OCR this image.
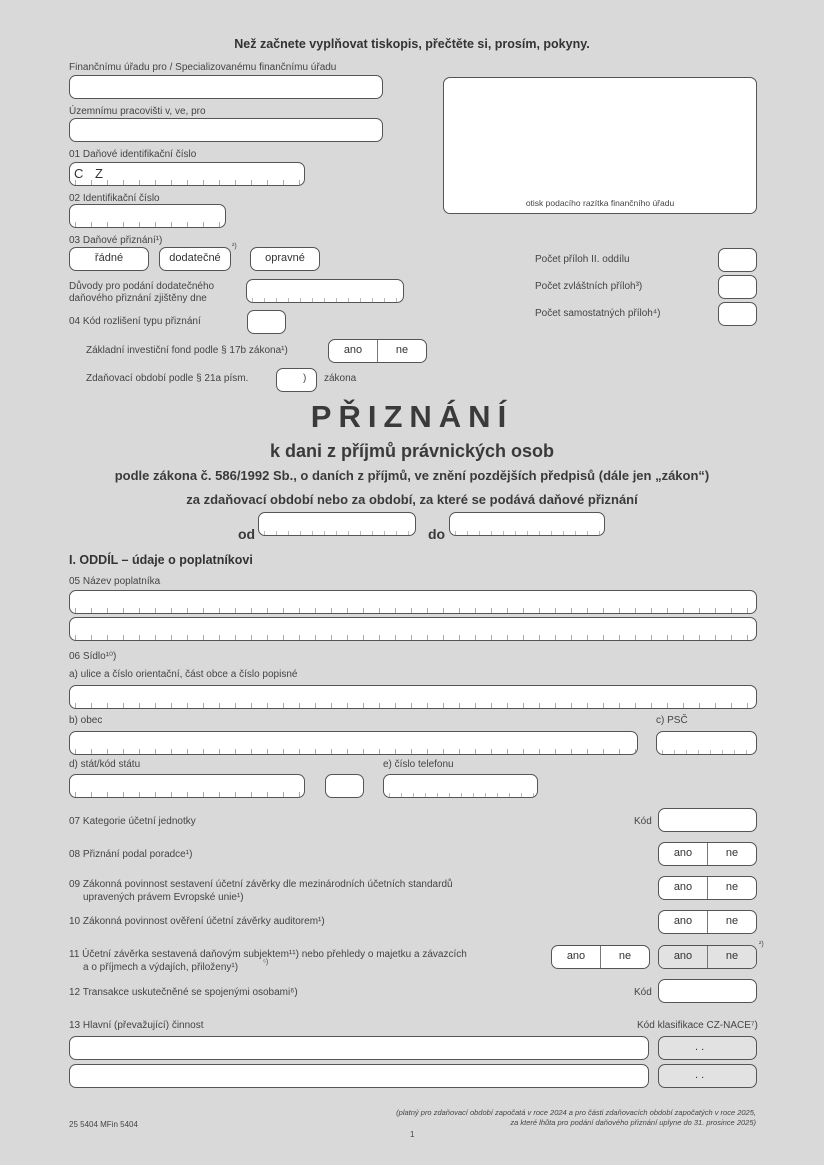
Než začnete vyplňovat tiskopis, přečtěte si, prosím, pokyny.
Finančnímu úřadu pro / Specializovanému finančnímu úřadu
Územnímu pracovišti v, ve, pro
otisk podacího razítka finančního úřadu
01 Daňové identifikační číslo
C Z
02 Identifikační číslo
03 Daňové přiznání¹)
řádné	dodatečné
²)
opravné
Důvody pro podání dodatečného
daňového přiznání zjištěny dne
04 Kód rozlišení typu přiznání
Počet příloh II. oddílu
Počet zvláštních příloh³)
Počet samostatných příloh⁴)
Základní investiční fond podle § 17b zákona¹)	ano	ne
Zdaňovací období podle § 21a písm.	) zákona
PŘIZNÁNÍ
k dani z příjmů právnických osob
podle zákona č. 586/1992 Sb., o daních z příjmů, ve znění pozdějších předpisů (dále jen „zákon“)
za zdaňovací období nebo za období, za které se podává daňové přiznání
od	do
I. ODDÍL – údaje o poplatníkovi
05 Název poplatníka
06 Sídlo¹⁰)
a) ulice a číslo orientační, část obce a číslo popisné
b) obec	c) PSČ
d) stát/kód státu	e) číslo telefonu
07 Kategorie účetní jednotky	Kód
08 Přiznání podal poradce¹)	ano	ne
09 Zákonná povinnost sestavení účetní závěrky dle mezinárodních účetních standardů
upravených právem Evropské unie¹)
ano	ne
10 Zákonná povinnost ověření účetní závěrky auditorem¹)	ano	ne
11 Účetní závěrka sestavená daňovým subjektem¹¹) nebo přehledy o majetku a závazcích
a o příjmech a výdajích, přiloženy¹)	⁵)
ano	ne	ano	ne
²)
12 Transakce uskutečněné se spojenými osobami⁶)	Kód
13 Hlavní (převažující) činnost	Kód klasifikace CZ-NACE⁷)
. .
. .
25 5404 MFin 5404
(platný pro zdaňovací období započatá v roce 2024 a pro části zdaňovacích období započatých v roce 2025,
za které lhůta pro podání daňového přiznání uplyne do 31. prosince 2025)
1
